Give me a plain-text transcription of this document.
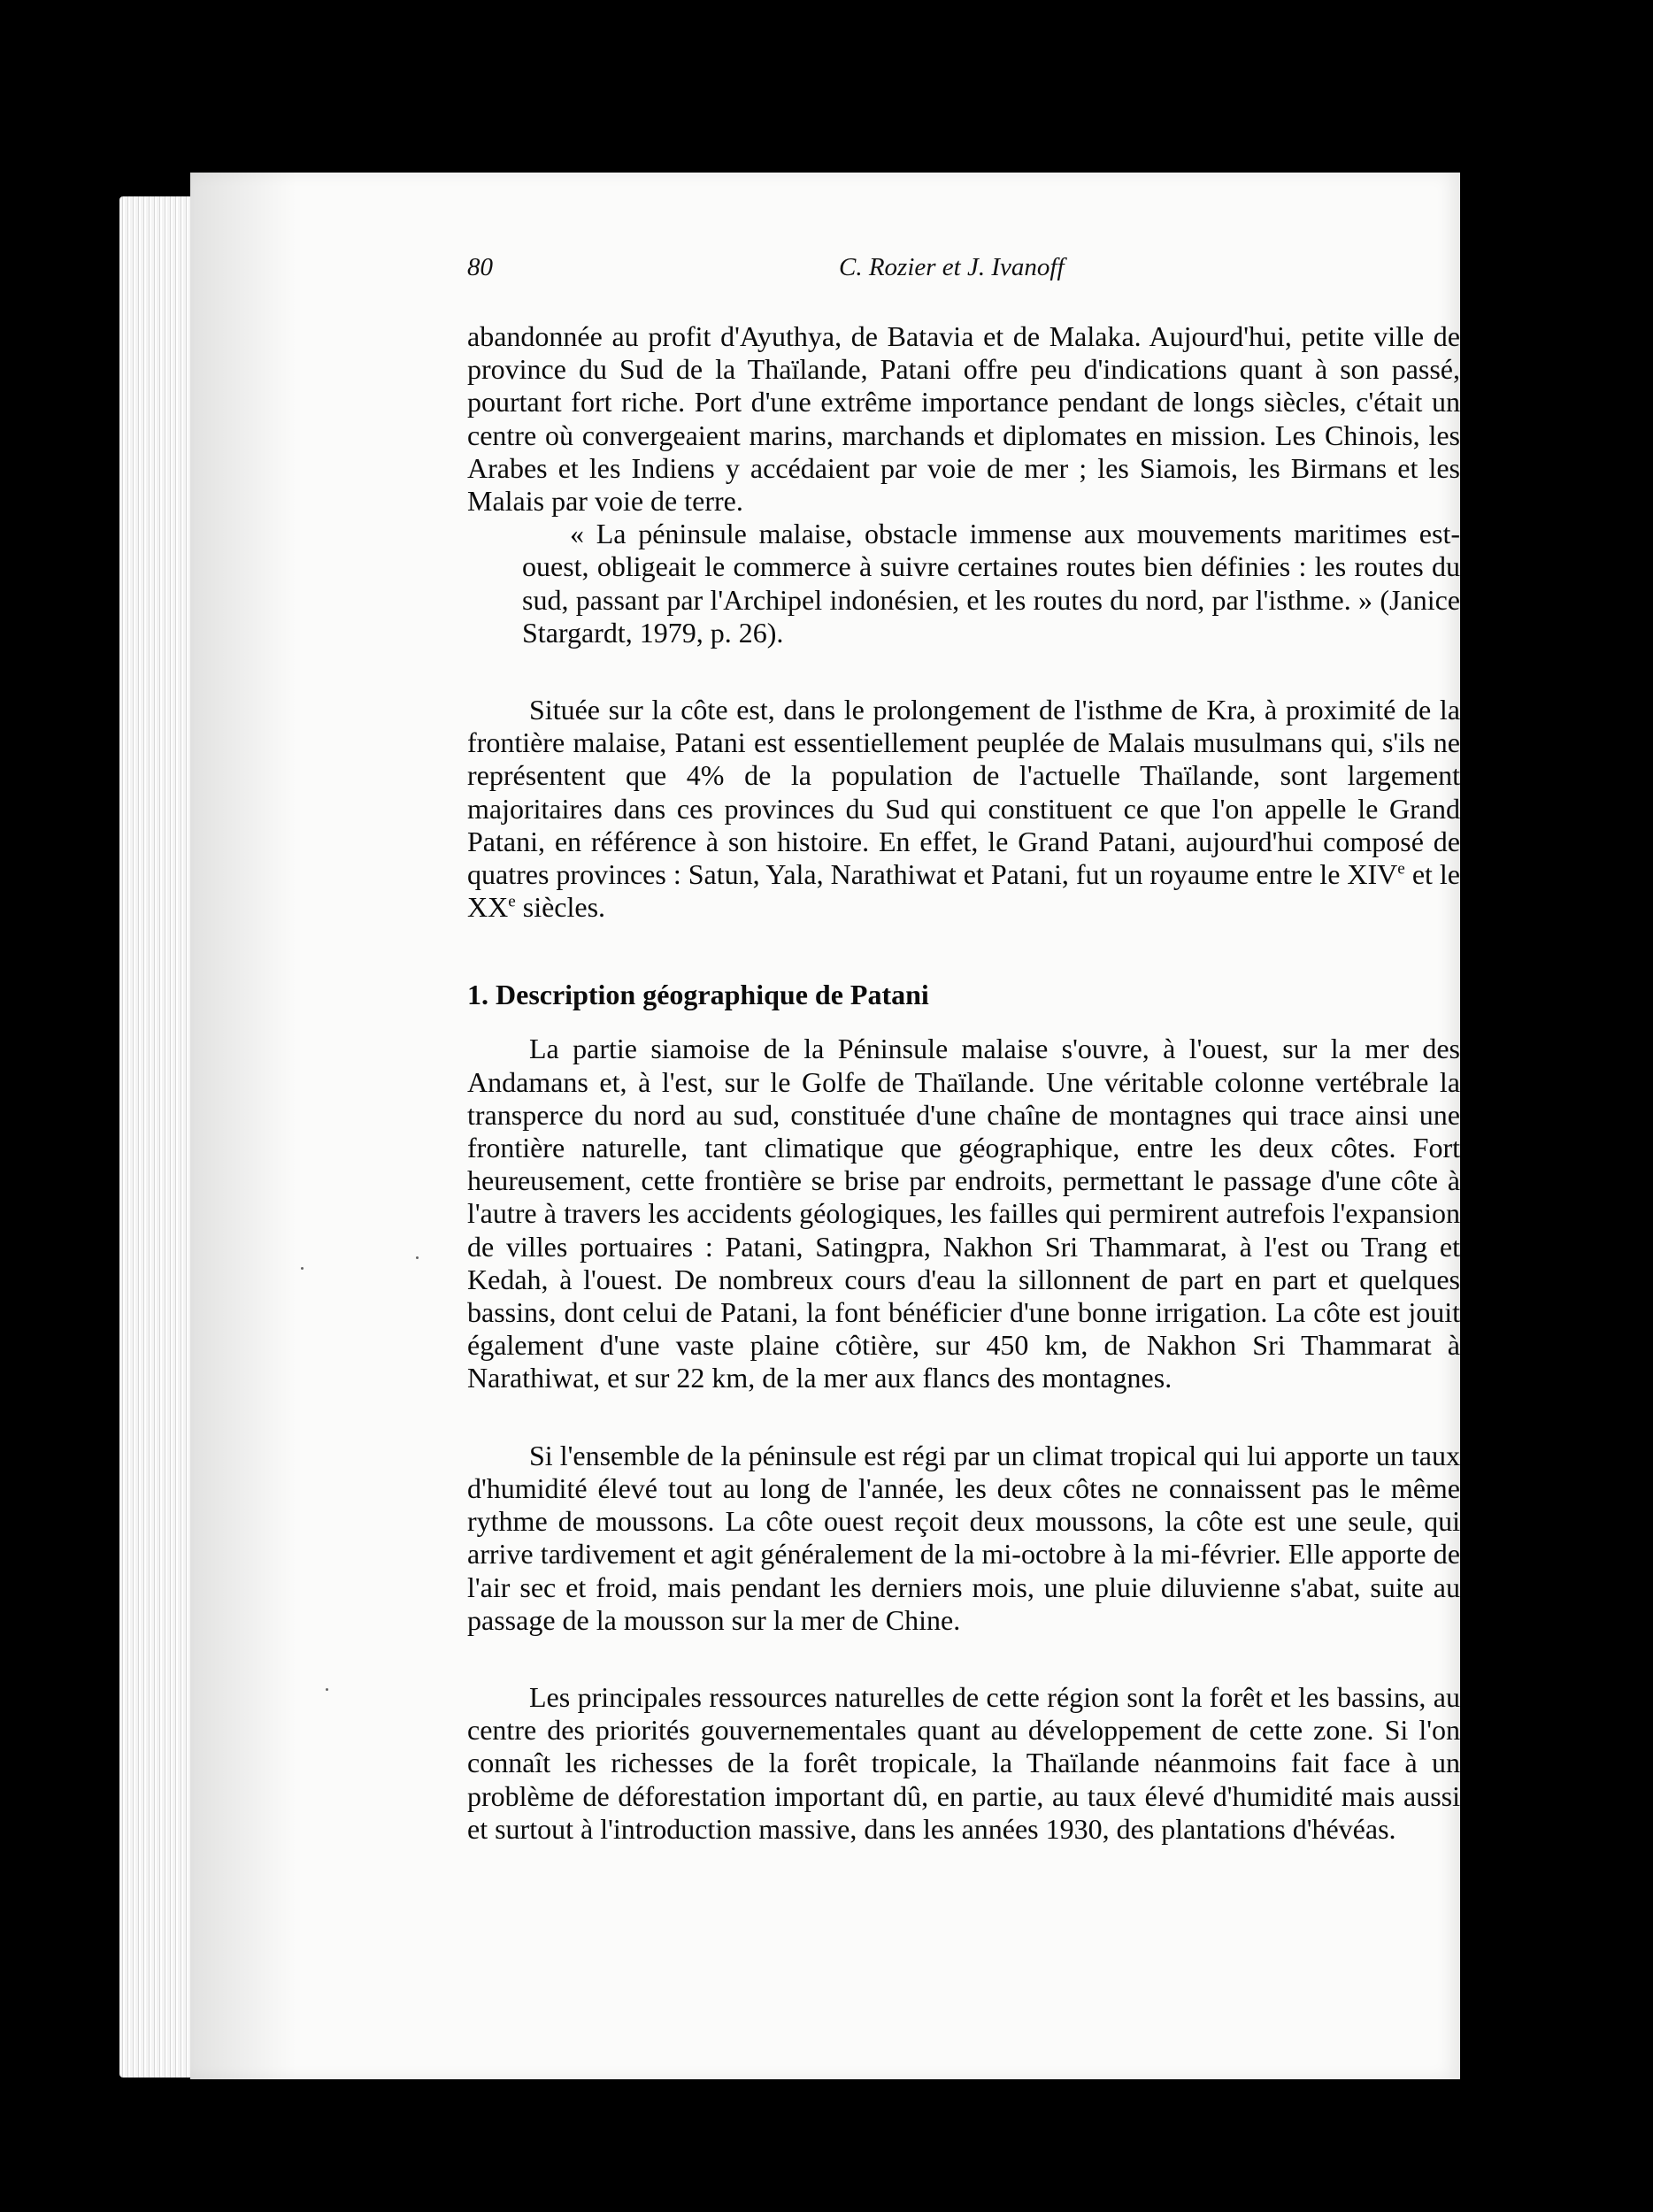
80	C. Rozier et J. Ivanoff

abandonnée au profit d'Ayuthya, de Batavia et de Malaka. Aujourd'hui, petite ville de province du Sud de la Thaïlande, Patani offre peu d'indications quant à son passé, pourtant fort riche. Port d'une extrême importance pendant de longs siècles, c'était un centre où convergeaient marins, marchands et diplomates en mission. Les Chinois, les Arabes et les Indiens y accédaient par voie de mer ; les Siamois, les Birmans et les Malais par voie de terre.

« La péninsule malaise, obstacle immense aux mouvements maritimes est-ouest, obligeait le commerce à suivre certaines routes bien définies : les routes du sud, passant par l'Archipel indonésien, et les routes du nord, par l'isthme. » (Janice Stargardt, 1979, p. 26).

Située sur la côte est, dans le prolongement de l'isthme de Kra, à proximité de la frontière malaise, Patani est essentiellement peuplée de Malais musulmans qui, s'ils ne représentent que 4% de la population de l'actuelle Thaïlande, sont largement majoritaires dans ces provinces du Sud qui constituent ce que l'on appelle le Grand Patani, en référence à son histoire. En effet, le Grand Patani, aujourd'hui composé de quatres provinces : Satun, Yala, Narathiwat et Patani, fut un royaume entre le XIVe et le XXe siècles.

1. Description géographique de Patani

La partie siamoise de la Péninsule malaise s'ouvre, à l'ouest, sur la mer des Andamans et, à l'est, sur le Golfe de Thaïlande. Une véritable colonne vertébrale la transperce du nord au sud, constituée d'une chaîne de montagnes qui trace ainsi une frontière naturelle, tant climatique que géographique, entre les deux côtes. Fort heureusement, cette frontière se brise par endroits, permettant le passage d'une côte à l'autre à travers les accidents géologiques, les failles qui permirent autrefois l'expansion de villes portuaires : Patani, Satingpra, Nakhon Sri Thammarat, à l'est ou Trang et Kedah, à l'ouest. De nombreux cours d'eau la sillonnent de part en part et quelques bassins, dont celui de Patani, la font bénéficier d'une bonne irrigation. La côte est jouit également d'une vaste plaine côtière, sur 450 km, de Nakhon Sri Thammarat à Narathiwat, et sur 22 km, de la mer aux flancs des montagnes.

Si l'ensemble de la péninsule est régi par un climat tropical qui lui apporte un taux d'humidité élevé tout au long de l'année, les deux côtes ne connaissent pas le même rythme de moussons. La côte ouest reçoit deux moussons, la côte est une seule, qui arrive tardivement et agit généralement de la mi-octobre à la mi-février. Elle apporte de l'air sec et froid, mais pendant les derniers mois, une pluie diluvienne s'abat, suite au passage de la mousson sur la mer de Chine.

Les principales ressources naturelles de cette région sont la forêt et les bassins, au centre des priorités gouvernementales quant au développement de cette zone. Si l'on connaît les richesses de la forêt tropicale, la Thaïlande néanmoins fait face à un problème de déforestation important dû, en partie, au taux élevé d'humidité mais aussi et surtout à l'introduction massive, dans les années 1930, des plantations d'hévéas.
